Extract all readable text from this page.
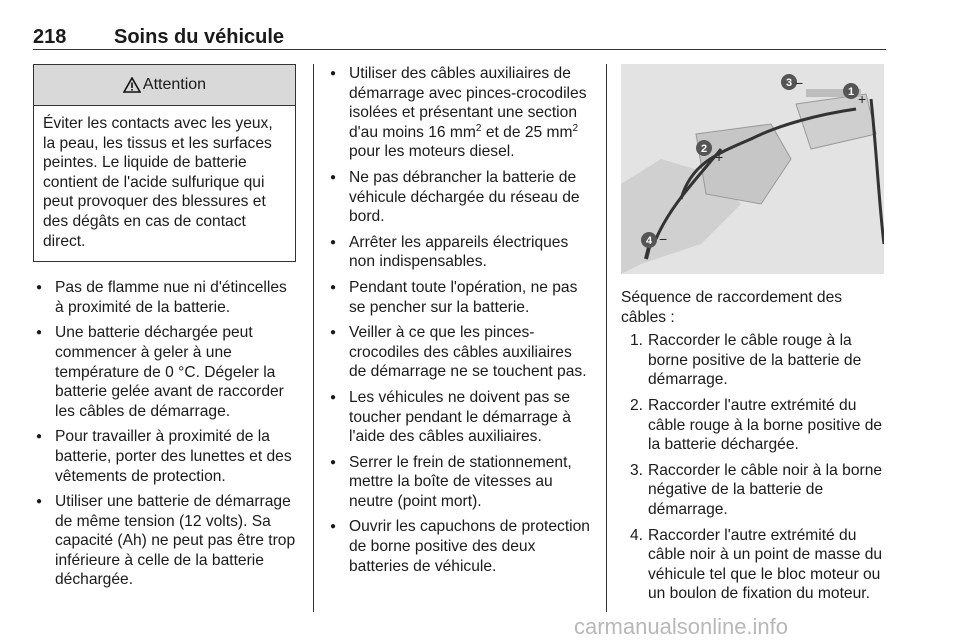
218 Soins du véhicule
Attention
Éviter les contacts avec les yeux, la peau, les tissus et les surfaces peintes. Le liquide de batterie contient de l'acide sulfurique qui peut provoquer des blessures et des dégâts en cas de contact direct.
● Pas de flamme nue ni d'étincelles à proximité de la batterie.
● Une batterie déchargée peut commencer à geler à une température de 0 °C. Dégeler la batterie gelée avant de raccorder les câbles de démarrage.
● Pour travailler à proximité de la batterie, porter des lunettes et des vêtements de protection.
● Utiliser une batterie de démarrage de même tension (12 volts). Sa capacité (Ah) ne peut pas être trop inférieure à celle de la batterie déchargée.
● Utiliser des câbles auxiliaires de démarrage avec pinces-crocodiles isolées et présentant une section d'au moins 16 $mm^2$ et de 25 $mm^2$ pour les moteurs diesel.
● Ne pas débrancher la batterie de véhicule déchargée du réseau de bord.
● Arrêter les appareils électriques non indispensables.
● Pendant toute l'opération, ne pas se pencher sur la batterie.
● Veiller à ce que les pinces-crocodiles des câbles auxiliaires de démarrage ne se touchent pas.
● Les véhicules ne doivent pas se toucher pendant le démarrage à l'aide des câbles auxiliaires.
● Serrer le frein de stationnement, mettre la boîte de vitesses au neutre (point mort).
● Ouvrir les capuchons de protection de borne positive des deux batteries de véhicule.
1
2
3
4
+
+
−
−
Séquence de raccordement des câbles :
1. Raccorder le câble rouge à la borne positive de la batterie de démarrage.
2. Raccorder l'autre extrémité du câble rouge à la borne positive de la batterie déchargée.
3. Raccorder le câble noir à la borne négative de la batterie de démarrage.
4. Raccorder l'autre extrémité du câble noir à un point de masse du véhicule tel que le bloc moteur ou un boulon de fixation du moteur.
carmanualsonline.info
